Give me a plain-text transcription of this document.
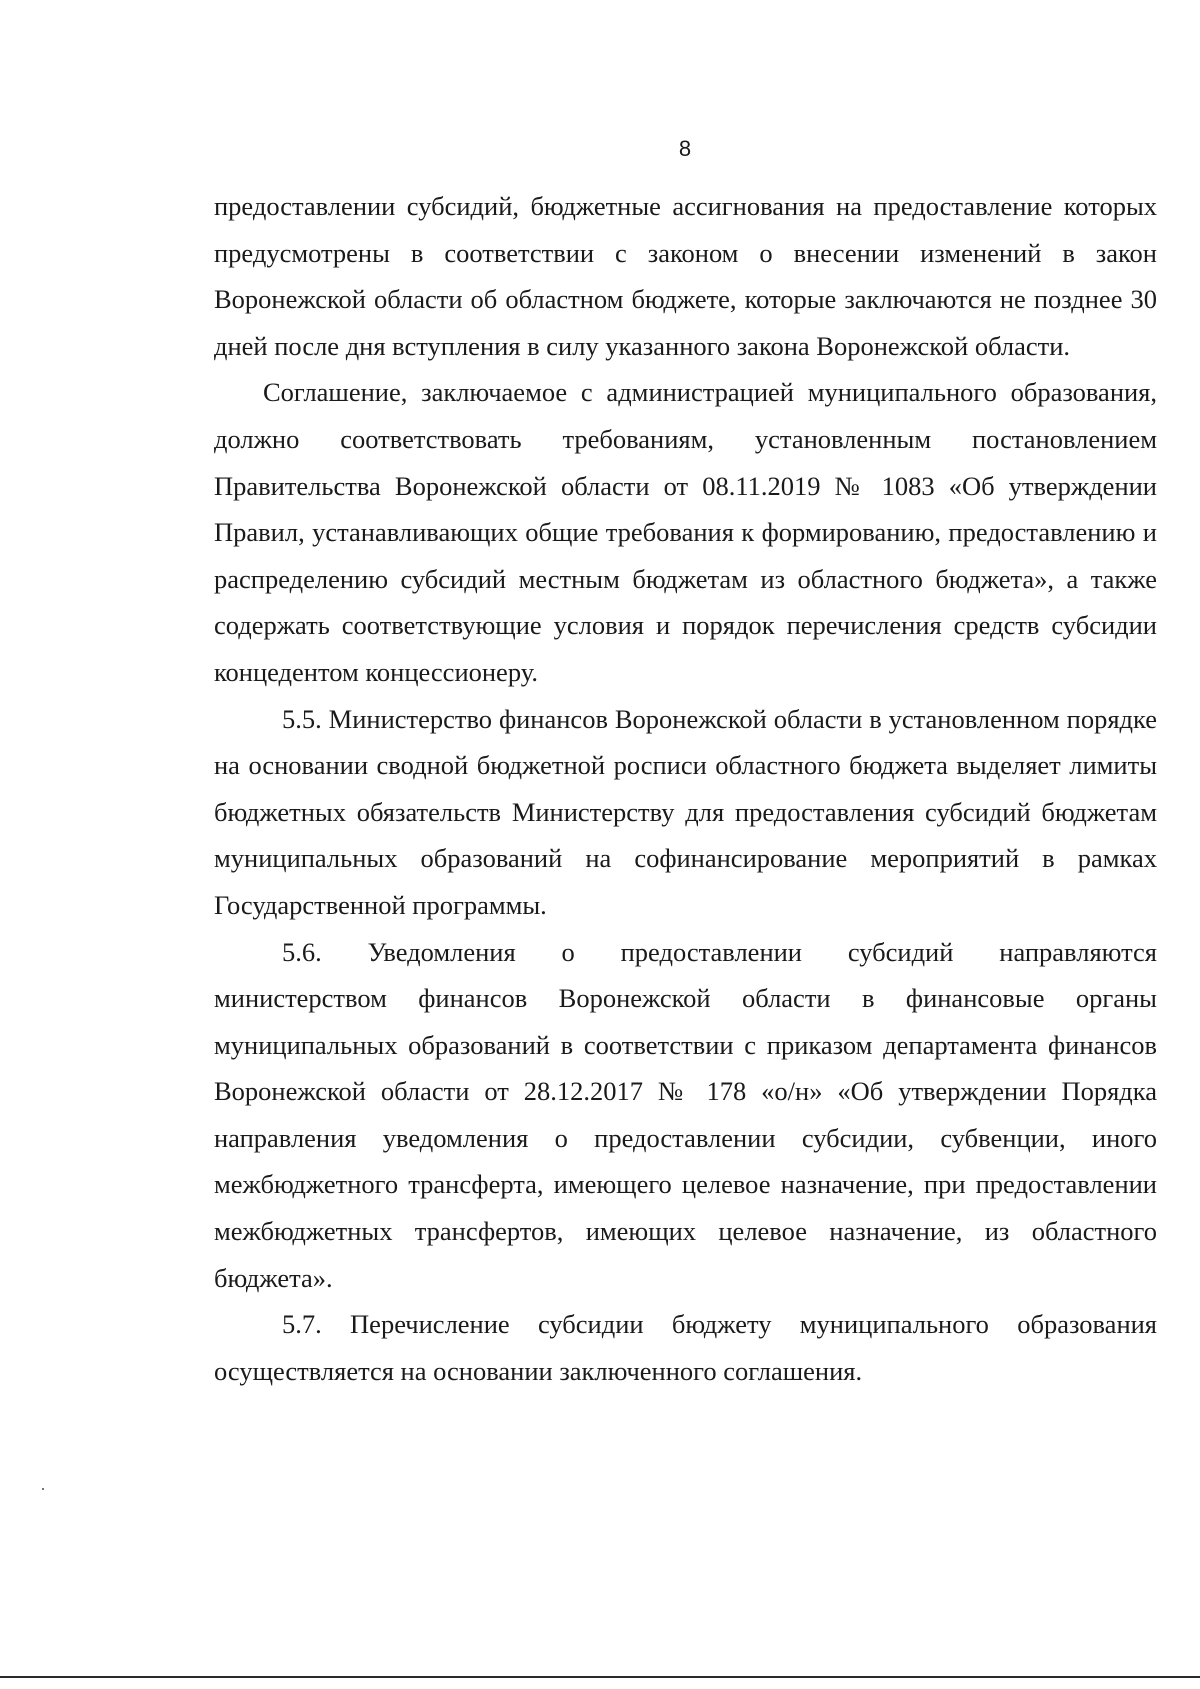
8

предоставлении субсидий, бюджетные ассигнования на предоставление которых предусмотрены в соответствии с законом о внесении изменений в закон Воронежской области об областном бюджете, которые заключаются не позднее 30 дней после дня вступления в силу указанного закона Воронежской области.

Соглашение, заключаемое с администрацией муниципального образования, должно соответствовать требованиям, установленным постановлением Правительства Воронежской области от 08.11.2019 № 1083 «Об утверждении Правил, устанавливающих общие требования к формированию, предоставлению и распределению субсидий местным бюджетам из областного бюджета», а также содержать соответствующие условия и порядок перечисления средств субсидии концедентом концессионеру.

5.5. Министерство финансов Воронежской области в установленном порядке на основании сводной бюджетной росписи областного бюджета выделяет лимиты бюджетных обязательств Министерству для предоставления субсидий бюджетам муниципальных образований на софинансирование мероприятий в рамках Государственной программы.

5.6. Уведомления о предоставлении субсидий направляются

министерством финансов Воронежской области в финансовые органы муниципальных образований в соответствии с приказом департамента финансов Воронежской области от 28.12.2017 № 178 «о/н» «Об утверждении Порядка направления уведомления о предоставлении субсидии, субвенции, иного межбюджетного трансферта, имеющего целевое назначение, при предоставлении межбюджетных трансфертов, имеющих целевое назначение, из областного бюджета».

5.7. Перечисление субсидии бюджету муниципального образования осуществляется на основании заключенного соглашения.
